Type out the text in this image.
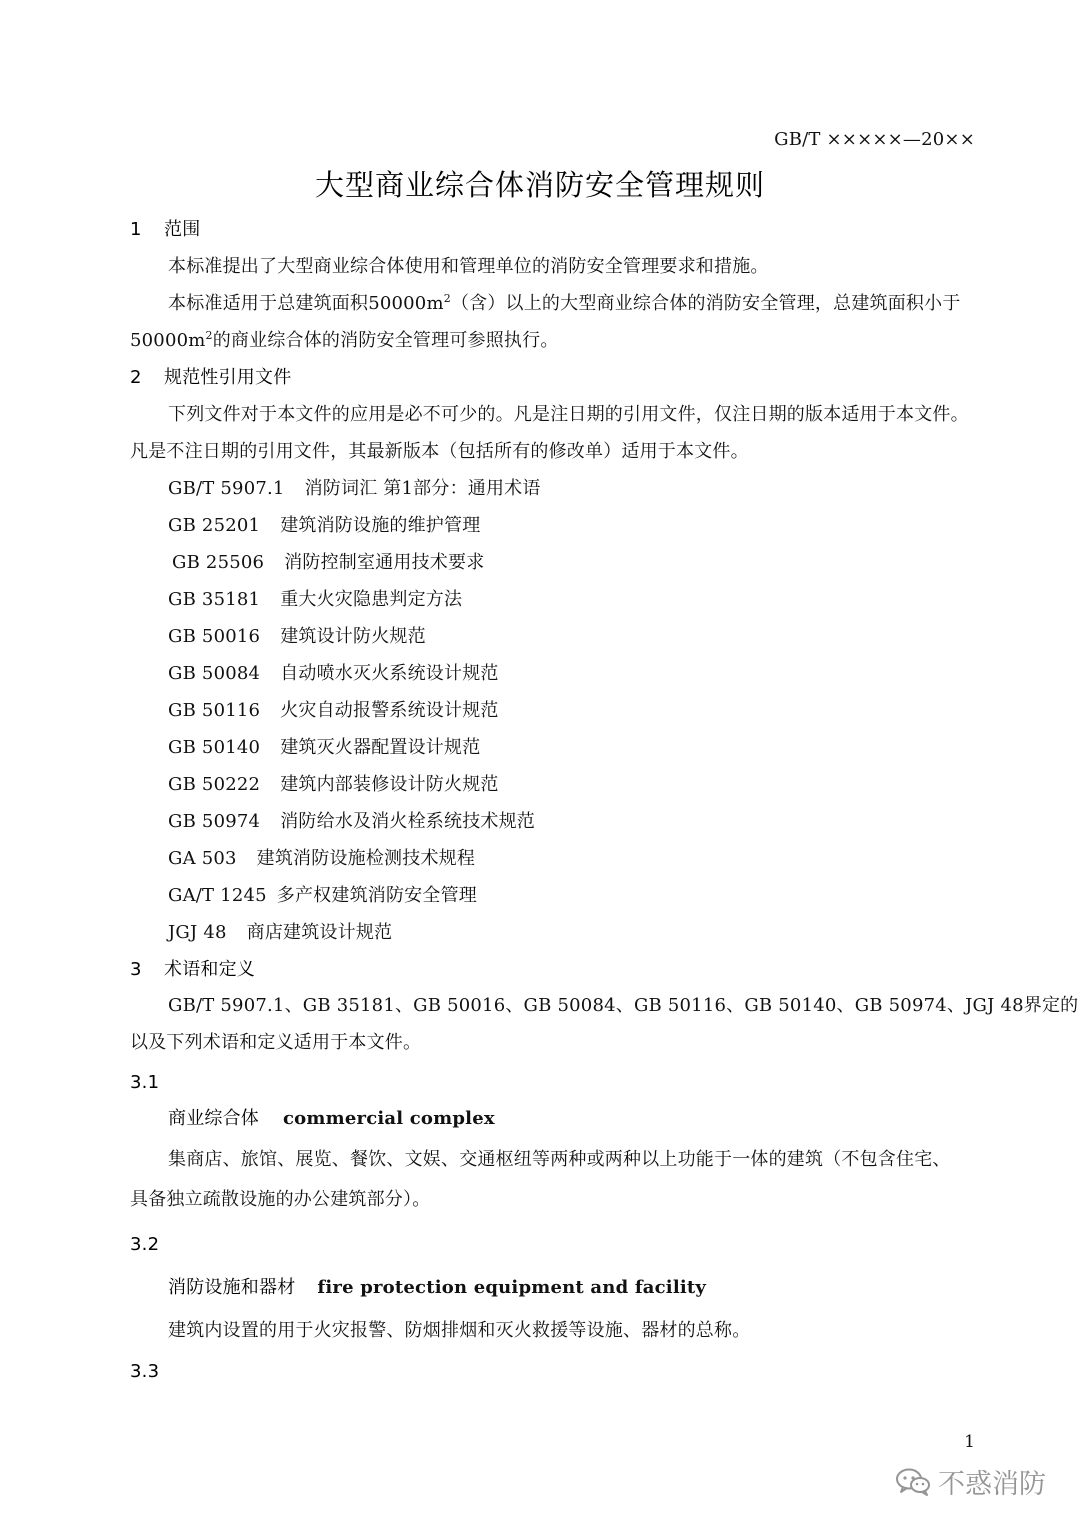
GB/T ×××××—20××
大型商业综合体消防安全管理规则
1 范围
本标准提出了大型商业综合体使用和管理单位的消防安全管理要求和措施。
本标准适用于总建筑面积$50000m^2$（含）以上的大型商业综合体的消防安全管理，总建筑面积小于
$50000m^2$的商业综合体的消防安全管理可参照执行。
2 规范性引用文件
下列文件对于本文件的应用是必不可少的。凡是注日期的引用文件，仅注日期的版本适用于本文件。
凡是不注日期的引用文件，其最新版本（包括所有的修改单）适用于本文件。
GB/T 5907.1 消防词汇 第1部分：通用术语
GB 25201 建筑消防设施的维护管理
GB 25506 消防控制室通用技术要求
GB 35181 重大火灾隐患判定方法
GB 50016 建筑设计防火规范
GB 50084 自动喷水灭火系统设计规范
GB 50116 火灾自动报警系统设计规范
GB 50140 建筑灭火器配置设计规范
GB 50222 建筑内部装修设计防火规范
GB 50974 消防给水及消火栓系统技术规范
GA 503 建筑消防设施检测技术规程
GA/T 1245 多产权建筑消防安全管理
JGJ 48 商店建筑设计规范
3 术语和定义
GB/T 5907.1、GB 35181、GB 50016、GB 50084、GB 50116、GB 50140、GB 50974、JGJ 48界定的
以及下列术语和定义适用于本文件。
3.1
商业综合体 commercial complex
集商店、旅馆、展览、餐饮、文娱、交通枢纽等两种或两种以上功能于一体的建筑（不包含住宅、
具备独立疏散设施的办公建筑部分）。
3.2
消防设施和器材 fire protection equipment and facility
建筑内设置的用于火灾报警、防烟排烟和灭火救援等设施、器材的总称。
3.3
1
不惑消防
